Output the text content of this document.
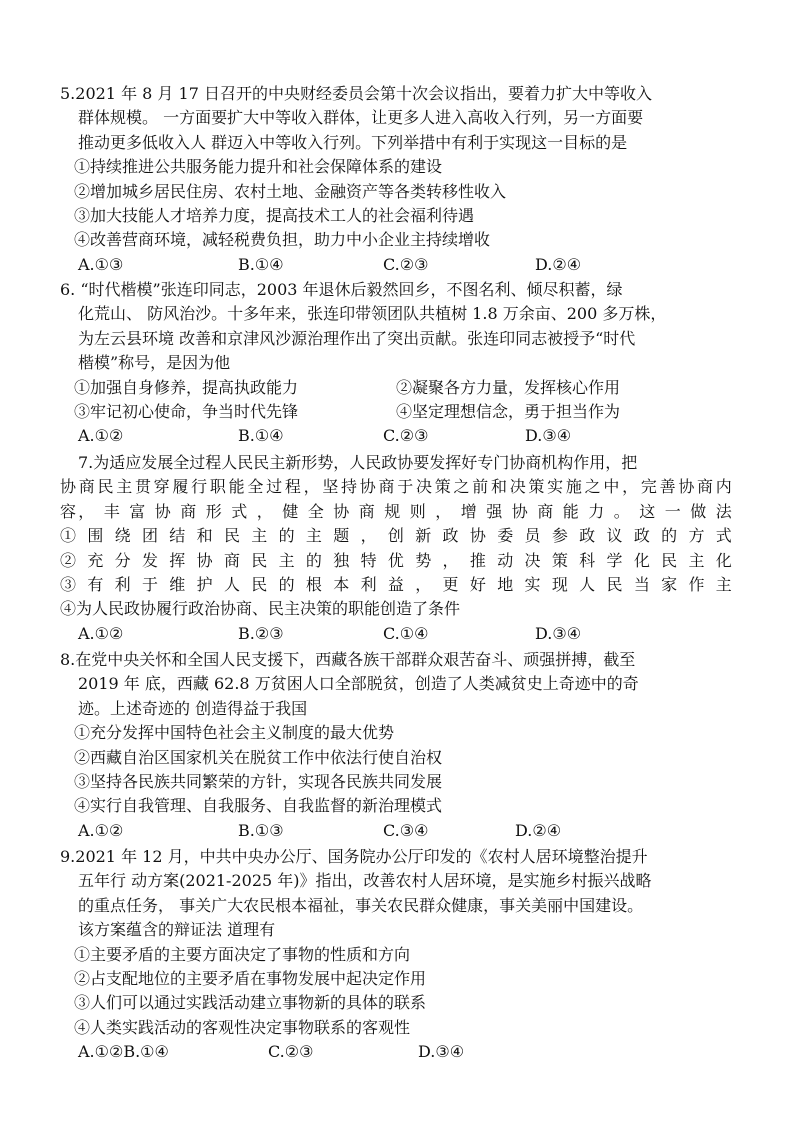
5.2021 年 8 月 17 日召开的中央财经委员会第十次会议指出，要着力扩大中等收入
群体规模。 一方面要扩大中等收入群体，让更多人进入高收入行列，另一方面要
推动更多低收入人 群迈入中等收入行列。下列举措中有利于实现这一目标的是
①持续推进公共服务能力提升和社会保障体系的建设
②增加城乡居民住房、农村土地、金融资产等各类转移性收入
③加大技能人才培养力度，提高技术工人的社会福利待遇
④改善营商环境，减轻税费负担，助力中小企业主持续增收
A.①③	B.①④	C.②③	D.②④
6. “时代楷模”张连印同志，2003 年退休后毅然回乡，不图名利、倾尽积蓄，绿
化荒山、 防风治沙。十多年来，张连印带领团队共植树 1.8 万余亩、200 多万株，
为左云县环境 改善和京津风沙源治理作出了突出贡献。张连印同志被授予“时代
楷模”称号，是因为他
①加强自身修养，提高执政能力	②凝聚各方力量，发挥核心作用
③牢记初心使命，争当时代先锋	④坚定理想信念，勇于担当作为
A.①②	B.①④	C.②③	D.③④
7.为适应发展全过程人民民主新形势，人民政协要发挥好专门协商机构作用，把
协商民主贯穿履行职能全过程，坚持协商于决策之前和决策实施之中，完善协商内
容， 丰 富 协 商 形 式 ， 健 全 协 商 规 则 ， 增 强 协 商 能 力 。 这 一 做 法
① 围 绕 团 结 和 民 主 的 主 题 ， 创 新 政 协 委 员 参 政 议 政 的 方 式
② 充 分 发 挥 协 商 民 主 的 独 特 优 势 ， 推 动 决 策 科 学 化 民 主 化
③ 有 利 于 维 护 人 民 的 根 本 利 益 ， 更 好 地 实 现 人 民 当 家 作 主
④为人民政协履行政治协商、民主决策的职能创造了条件
A.①②	B.②③	C.①④	D.③④
8.在党中央关怀和全国人民支援下，西藏各族干部群众艰苦奋斗、顽强拼搏，截至
2019 年 底，西藏 62.8 万贫困人口全部脱贫，创造了人类减贫史上奇迹中的奇
迹。上述奇迹的 创造得益于我国
①充分发挥中国特色社会主义制度的最大优势
②西藏自治区国家机关在脱贫工作中依法行使自治权
③坚持各民族共同繁荣的方针，实现各民族共同发展
④实行自我管理、自我服务、自我监督的新治理模式
A.①②	B.①③	C.③④	D.②④
9.2021 年 12 月，中共中央办公厅、国务院办公厅印发的《农村人居环境整治提升
五年行 动方案(2021-2025 年)》指出，改善农村人居环境，是实施乡村振兴战略
的重点任务， 事关广大农民根本福祉，事关农民群众健康，事关美丽中国建设。
该方案蕴含的辩证法 道理有
①主要矛盾的主要方面决定了事物的性质和方向
②占支配地位的主要矛盾在事物发展中起决定作用
③人们可以通过实践活动建立事物新的具体的联系
④人类实践活动的客观性决定事物联系的客观性
A.①②B.①④	C.②③	D.③④
